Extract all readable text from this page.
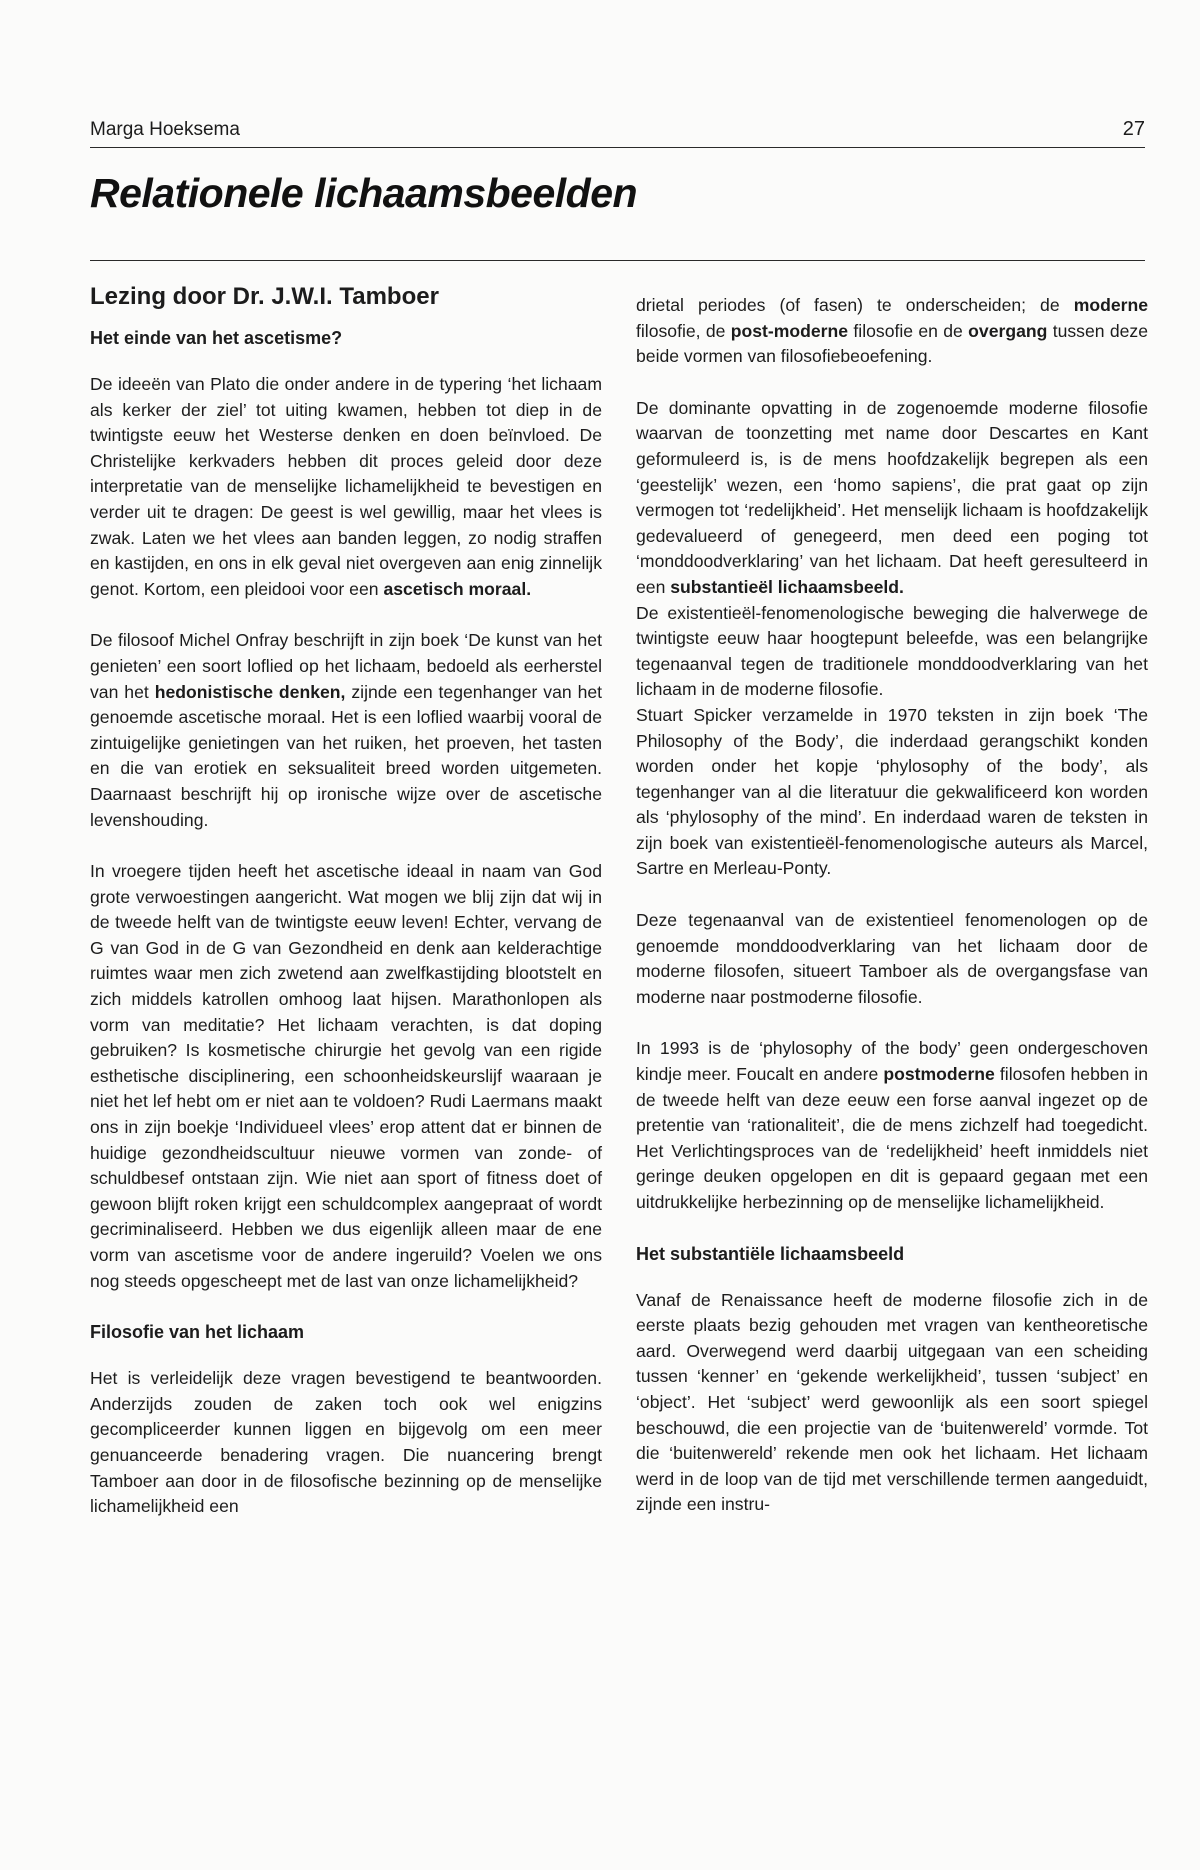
Marga Hoeksema	27
Relationele lichaamsbeelden
Lezing door Dr. J.W.I. Tamboer
Het einde van het ascetisme?

De ideeën van Plato die onder andere in de typering ‘het lichaam als kerker der ziel’ tot uiting kwamen, hebben tot diep in de twintigste eeuw het Westerse denken en doen beïnvloed. De Christelijke kerkvaders hebben dit proces geleid door deze interpretatie van de menselijke lichamelijkheid te bevestigen en verder uit te dragen: De geest is wel gewillig, maar het vlees is zwak. Laten we het vlees aan banden leggen, zo nodig straffen en kastijden, en ons in elk geval niet overgeven aan enig zinnelijk genot. Kortom, een pleidooi voor een ascetisch moraal.

De filosoof Michel Onfray beschrijft in zijn boek ‘De kunst van het genieten’ een soort loflied op het lichaam, bedoeld als eerherstel van het hedonistische denken, zijnde een tegenhanger van het genoemde ascetische moraal. Het is een loflied waarbij vooral de zintuigelijke genietingen van het ruiken, het proeven, het tasten en die van erotiek en seksualiteit breed worden uitgemeten. Daarnaast beschrijft hij op ironische wijze over de ascetische levenshouding.

In vroegere tijden heeft het ascetische ideaal in naam van God grote verwoestingen aangericht. Wat mogen we blij zijn dat wij in de tweede helft van de twintigste eeuw leven! Echter, vervang de G van God in de G van Gezondheid en denk aan kelderachtige ruimtes waar men zich zwetend aan zwelfkastijding blootstelt en zich middels katrollen omhoog laat hijsen. Marathonlopen als vorm van meditatie? Het lichaam verachten, is dat doping gebruiken? Is kosmetische chirurgie het gevolg van een rigide esthetische disciplinering, een schoonheidskeurslijf waaraan je niet het lef hebt om er niet aan te voldoen? Rudi Laermans maakt ons in zijn boekje ‘Individueel vlees’ erop attent dat er binnen de huidige gezondheidscultuur nieuwe vormen van zonde- of schuldbesef ontstaan zijn. Wie niet aan sport of fitness doet of gewoon blijft roken krijgt een schuldcomplex aangepraat of wordt gecriminaliseerd. Hebben we dus eigenlijk alleen maar de ene vorm van ascetisme voor de andere ingeruild? Voelen we ons nog steeds opgescheept met de last van onze lichamelijkheid?

Filosofie van het lichaam

Het is verleidelijk deze vragen bevestigend te beantwoorden. Anderzijds zouden de zaken toch ook wel enigzins gecompliceerder kunnen liggen en bijgevolg om een meer genuanceerde benadering vragen. Die nuancering brengt Tamboer aan door in de filosofische bezinning op de menselijke lichamelijkheid een

drietal periodes (of fasen) te onderscheiden; de moderne filosofie, de post-moderne filosofie en de overgang tussen deze beide vormen van filosofiebeoefening.

De dominante opvatting in de zogenoemde moderne filosofie waarvan de toonzetting met name door Descartes en Kant geformuleerd is, is de mens hoofdzakelijk begrepen als een ‘geestelijk’ wezen, een ‘homo sapiens’, die prat gaat op zijn vermogen tot ‘redelijkheid’. Het menselijk lichaam is hoofdzakelijk gedevalueerd of genegeerd, men deed een poging tot ‘monddoodverklaring’ van het lichaam. Dat heeft geresulteerd in een substantieël lichaamsbeeld.
De existentieël-fenomenologische beweging die halverwege de twintigste eeuw haar hoogtepunt beleefde, was een belangrijke tegenaanval tegen de traditionele monddoodverklaring van het lichaam in de moderne filosofie.
Stuart Spicker verzamelde in 1970 teksten in zijn boek ‘The Philosophy of the Body’, die inderdaad gerangschikt konden worden onder het kopje ‘phylosophy of the body’, als tegenhanger van al die literatuur die gekwalificeerd kon worden als ‘phylosophy of the mind’. En inderdaad waren de teksten in zijn boek van existentieël-fenomenologische auteurs als Marcel, Sartre en Merleau-Ponty.

Deze tegenaanval van de existentieel fenomenologen op de genoemde monddoodverklaring van het lichaam door de moderne filosofen, situeert Tamboer als de overgangsfase van moderne naar postmoderne filosofie.

In 1993 is de ‘phylosophy of the body’ geen ondergeschoven kindje meer. Foucalt en andere postmoderne filosofen hebben in de tweede helft van deze eeuw een forse aanval ingezet op de pretentie van ‘rationaliteit’, die de mens zichzelf had toegedicht. Het Verlichtingsproces van de ‘redelijkheid’ heeft inmiddels niet geringe deuken opgelopen en dit is gepaard gegaan met een uitdrukkelijke herbezinning op de menselijke lichamelijkheid.

Het substantiële lichaamsbeeld

Vanaf de Renaissance heeft de moderne filosofie zich in de eerste plaats bezig gehouden met vragen van kentheoretische aard. Overwegend werd daarbij uitgegaan van een scheiding tussen ‘kenner’ en ‘gekende werkelijkheid’, tussen ‘subject’ en ‘object’. Het ‘subject’ werd gewoonlijk als een soort spiegel beschouwd, die een projectie van de ‘buitenwereld’ vormde. Tot die ‘buitenwereld’ rekende men ook het lichaam. Het lichaam werd in de loop van de tijd met verschillende termen aangeduidt, zijnde een instru-
